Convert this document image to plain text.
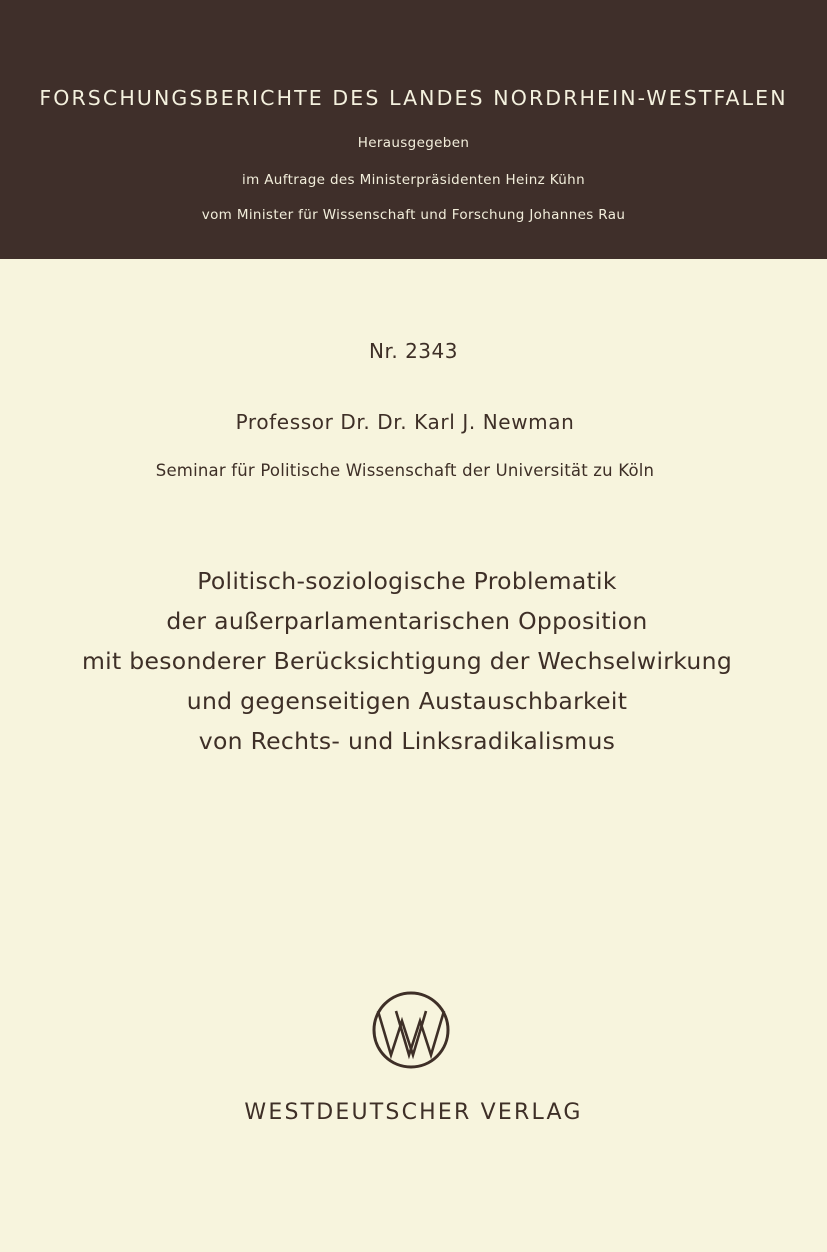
FORSCHUNGSBERICHTE DES LANDES NORDRHEIN-WESTFALEN
Herausgegeben
im Auftrage des Ministerpräsidenten Heinz Kühn
vom Minister für Wissenschaft und Forschung Johannes Rau
Nr. 2343
Professor Dr. Dr. Karl J. Newman
Seminar für Politische Wissenschaft der Universität zu Köln
Politisch-soziologische Problematik
der außerparlamentarischen Opposition
mit besonderer Berücksichtigung der Wechselwirkung
und gegenseitigen Austauschbarkeit
von Rechts- und Linksradikalismus
WESTDEUTSCHER VERLAG
